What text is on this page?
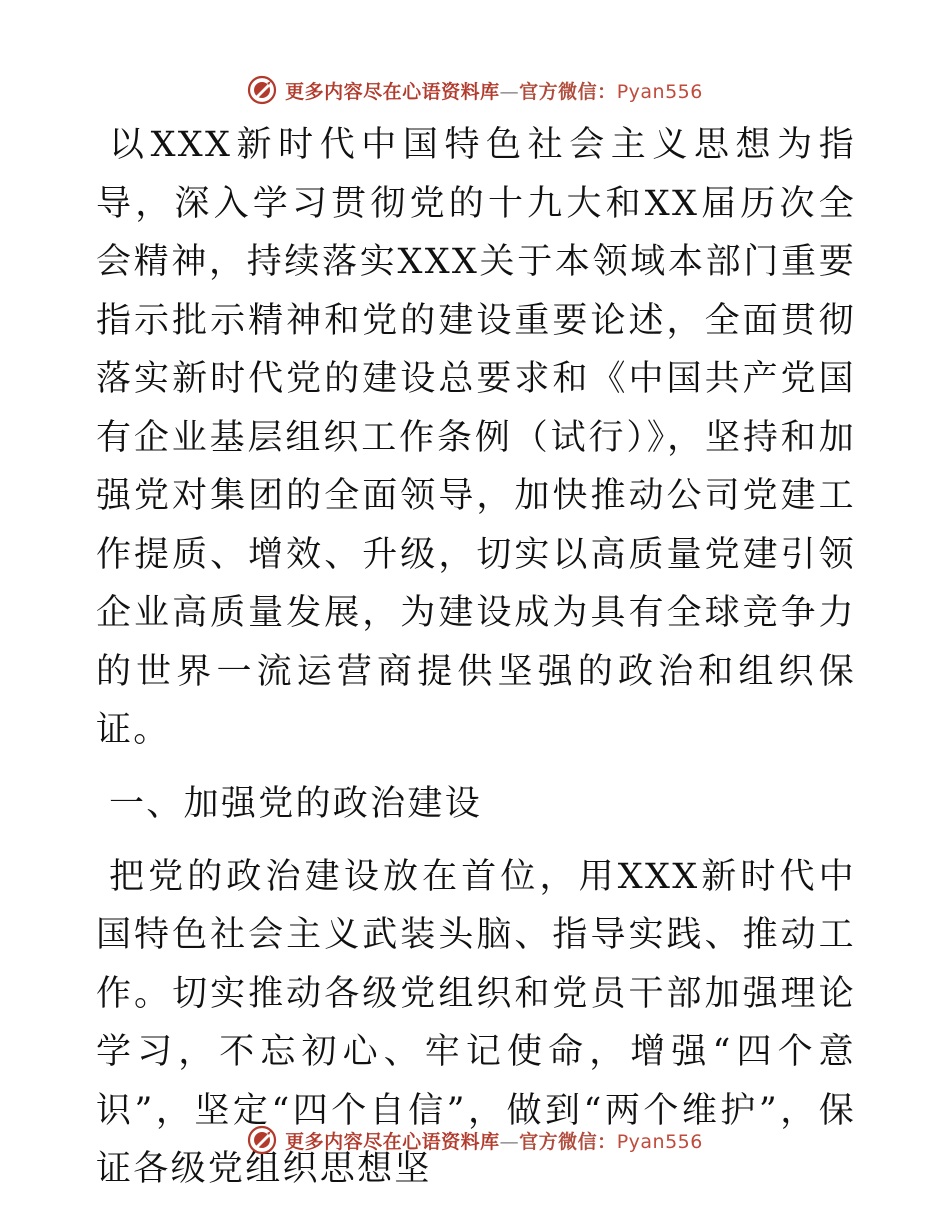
更多内容尽在心语资料库—官方微信：Pyan556

以XXX新时代中国特色社会主义思想为指导，深入学习贯彻党的十九大和XX届历次全会精神，持续落实XXX关于本领域本部门重要指示批示精神和党的建设重要论述，全面贯彻落实新时代党的建设总要求和《中国共产党国有企业基层组织工作条例（试行）》，坚持和加强党对集团的全面领导，加快推动公司党建工作提质、增效、升级，切实以高质量党建引领企业高质量发展，为建设成为具有全球竞争力的世界一流运营商提供坚强的政治和组织保证。

一、加强党的政治建设

把党的政治建设放在首位，用XXX新时代中国特色社会主义武装头脑、指导实践、推动工作。切实推动各级党组织和党员干部加强理论学习，不忘初心、牢记使命，增强“四个意识”，坚定“四个自信”，做到“两个维护”，保证各级党组织思想坚

更多内容尽在心语资料库—官方微信：Pyan556
